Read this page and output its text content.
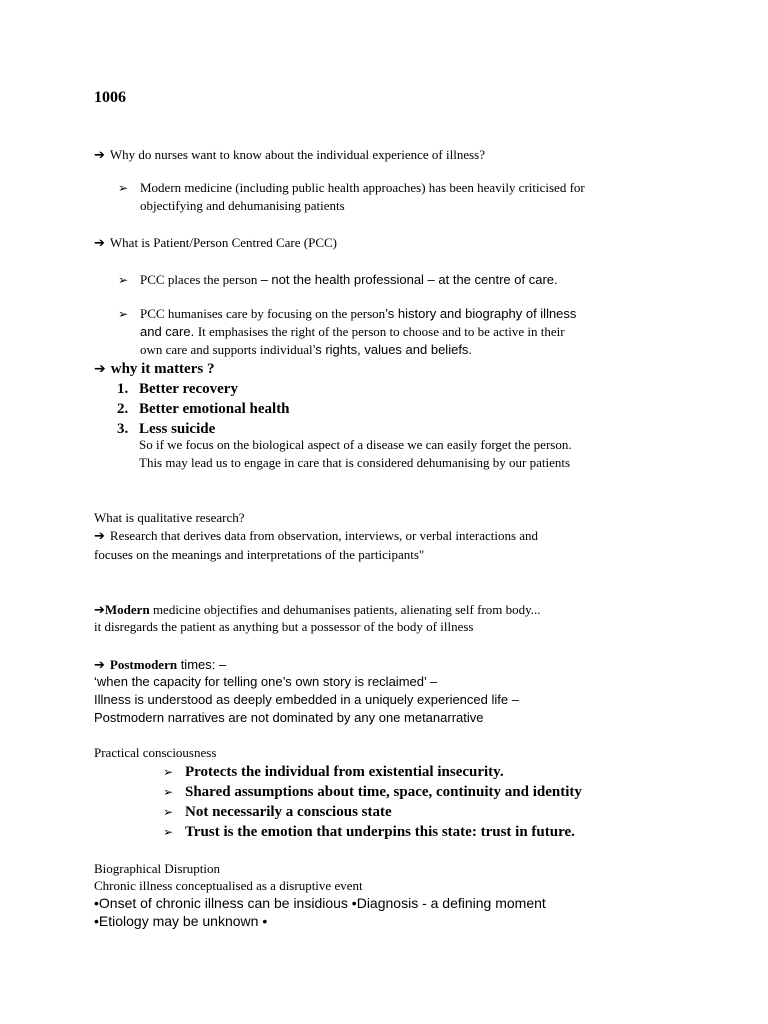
1006
➔ Why do nurses want to know about the individual experience of illness?
➢ Modern medicine (including public health approaches) has been heavily criticised for
objectifying and dehumanising patients
➔ What is Patient/Person Centred Care (PCC)
➢ PCC places the person – not the health professional – at the centre of care.
➢ PCC humanises care by focusing on the person’s history and biography of illness
and care. It emphasises the right of the person to choose and to be active in their
own care and supports individual’s rights, values and beliefs.
➔ why it matters ?
1. Better recovery
2. Better emotional health
3. Less suicide
So if we focus on the biological aspect of a disease we can easily forget the person.
This may lead us to engage in care that is considered dehumanising by our patients
What is qualitative research?
➔ Research that derives data from observation, interviews, or verbal interactions and
focuses on the meanings and interpretations of the participants"
➔Modern medicine objectifies and dehumanises patients, alienating self from body...
it disregards the patient as anything but a possessor of the body of illness
➔ Postmodern times: –
‘when the capacity for telling one’s own story is reclaimed’ –
Illness is understood as deeply embedded in a uniquely experienced life –
Postmodern narratives are not dominated by any one metanarrative
Practical consciousness
➢ Protects the individual from existential insecurity.
➢ Shared assumptions about time, space, continuity and identity
➢ Not necessarily a conscious state
➢ Trust is the emotion that underpins this state: trust in future.
Biographical Disruption
Chronic illness conceptualised as a disruptive event
•Onset of chronic illness can be insidious •Diagnosis - a defining moment
•Etiology may be unknown •
